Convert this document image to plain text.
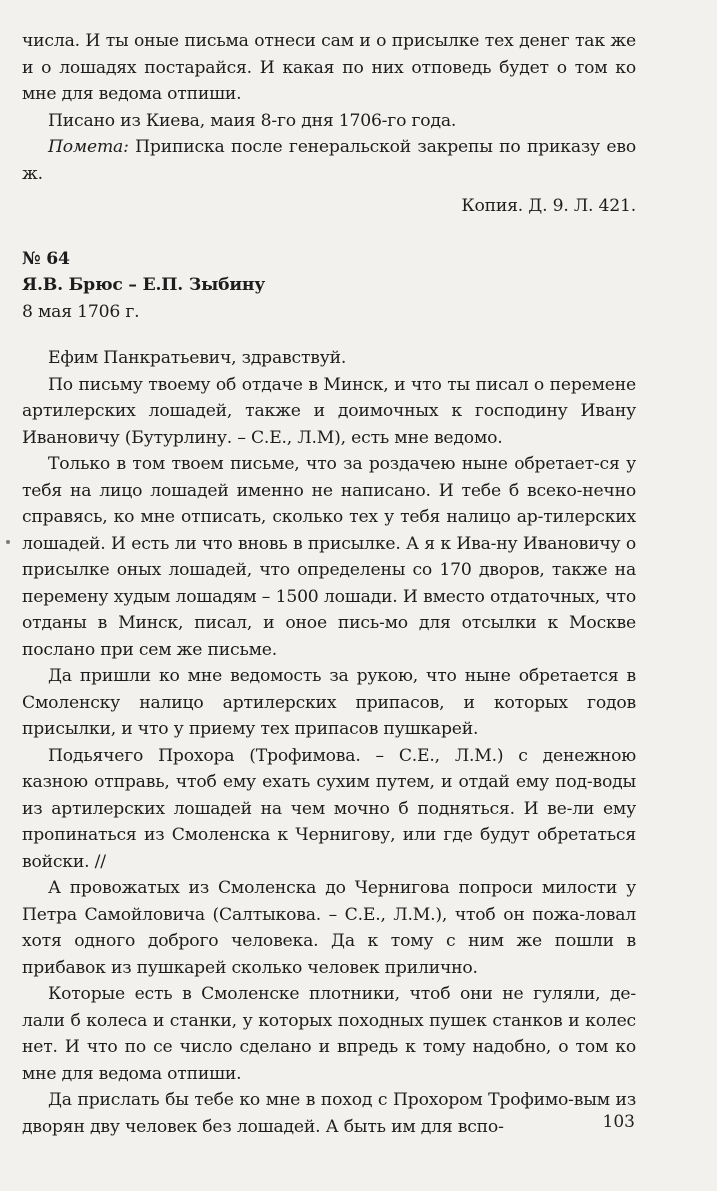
числа. И ты оные письма отнеси сам и о присылке тех денег так же и о лошадях постарайся. И какая по них отповедь будет о том ко мне для ведома отпиши.

Писано из Киева, маия 8-го дня 1706-го года.

Помета: Приписка после генеральской закрепы по приказу ево ж.

Копия. Д. 9. Л. 421.

№ 64

Я.В. Брюс – Е.П. Зыбину

8 мая 1706 г.

Ефим Панкратьевич, здравствуй.

По письму твоему об отдаче в Минск, и что ты писал о перемене артилерских лошадей, также и доимочных к господину Ивану Ивановичу (Бутурлину. – С.Е., Л.М), есть мне ведомо.

Только в том твоем письме, что за роздачею ныне обретает-ся у тебя на лицо лошадей именно не написано. И тебе б всеко-нечно справясь, ко мне отписать, сколько тех у тебя налицо ар-тилерских лошадей. И есть ли что вновь в присылке. А я к Ива-ну Ивановичу о присылке оных лошадей, что определены со 170 дворов, также на перемену худым лошадям – 1500 лошади. И вместо отдаточных, что отданы в Минск, писал, и оное пись-мо для отсылки к Москве послано при сем же письме.

Да пришли ко мне ведомость за рукою, что ныне обретается в Смоленску налицо артилерских припасов, и которых годов присылки, и что у приему тех припасов пушкарей.

Подьячего Прохора (Трофимова. – С.Е., Л.М.) с денежною казною отправь, чтоб ему ехать сухим путем, и отдай ему под-воды из артилерских лошадей на чем мочно б подняться. И ве-ли ему пропинаться из Смоленска к Чернигову, или где будут обретаться войски. //

А провожатых из Смоленска до Чернигова попроси милости у Петра Самойловича (Салтыкова. – С.Е., Л.М.), чтоб он пожа-ловал хотя одного доброго человека. Да к тому с ним же пошли в прибавок из пушкарей сколько человек прилично.

Которые есть в Смоленске плотники, чтоб они не гуляли, де-лали б колеса и станки, у которых походных пушек станков и колес нет. И что по се число сделано и впредь к тому надобно, о том ко мне для ведома отпиши.

Да прислать бы тебе ко мне в поход с Прохором Трофимо-вым из дворян дву человек без лошадей. А быть им для вспо-	103
